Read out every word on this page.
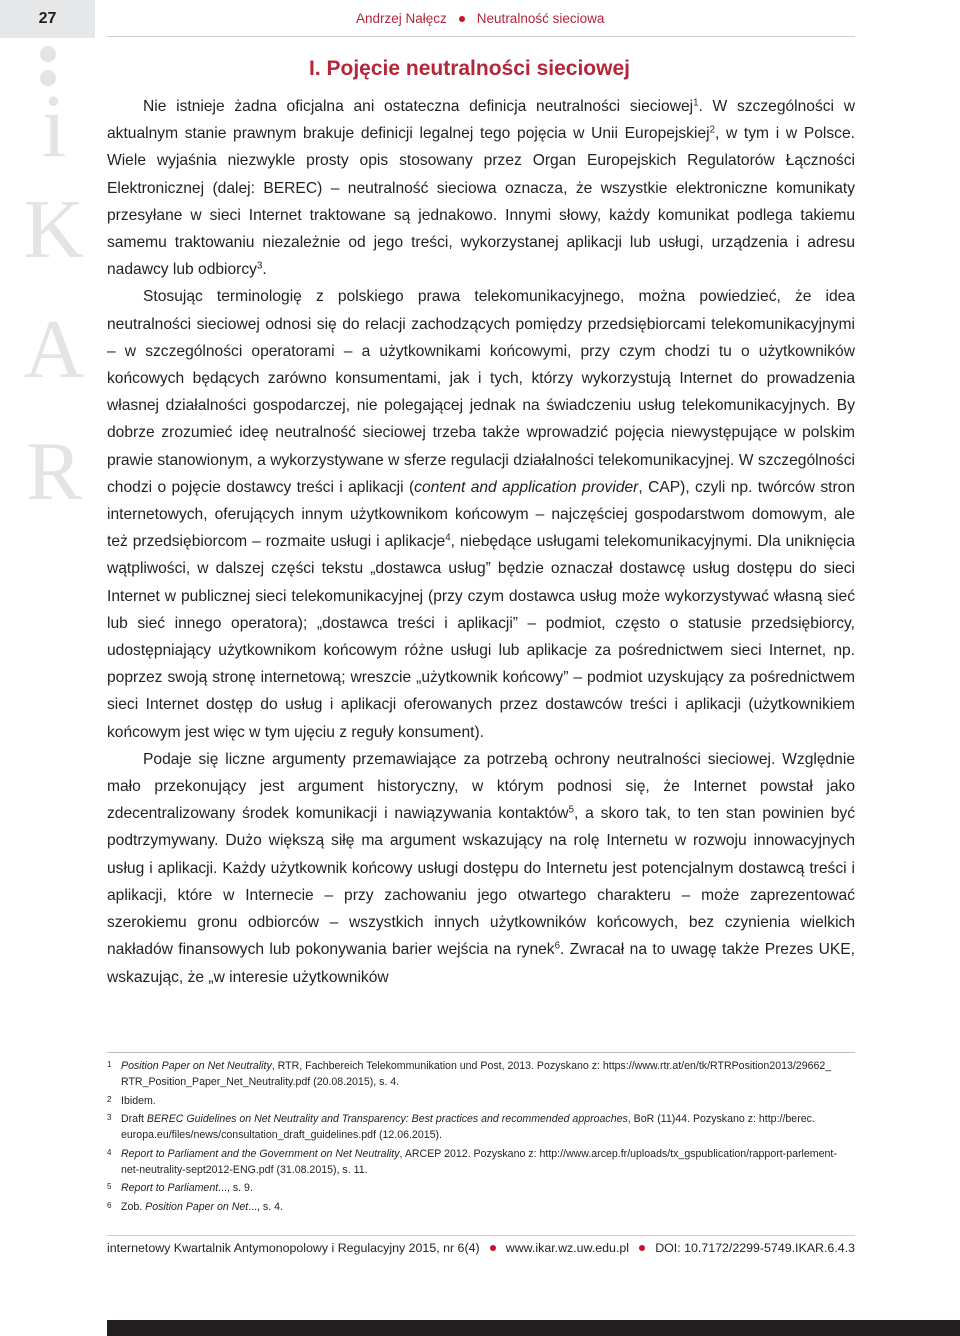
27	Andrzej Nałęcz Neutralność sieciowa
i
K
A
R
I. Pojęcie neutralności sieciowej

Nie istnieje żadna oficjalna ani ostateczna definicja neutralności sieciowej$^1$. W szczególności w aktualnym stanie prawnym brakuje definicji legalnej tego pojęcia w Unii Europejskiej$^2$, w tym i w Polsce. Wiele wyjaśnia niezwykle prosty opis stosowany przez Organ Europejskich Regulatorów Łączności Elektronicznej (dalej: BEREC) – neutralność sieciowa oznacza, że wszystkie elektroniczne komunikaty przesyłane w sieci Internet traktowane są jednakowo. Innymi słowy, każdy komunikat podlega takiemu samemu traktowaniu niezależnie od jego treści, wykorzystanej aplikacji lub usługi, urządzenia i adresu nadawcy lub odbiorcy$^3$.

Stosując terminologię z polskiego prawa telekomunikacyjnego, można powiedzieć, że idea neutralności sieciowej odnosi się do relacji zachodzących pomiędzy przedsiębiorcami telekomunikacyjnymi – w szczególności operatorami – a użytkownikami końcowymi, przy czym chodzi tu o użytkowników końcowych będących zarówno konsumentami, jak i tych, którzy wykorzystują Internet do prowadzenia własnej działalności gospodarczej, nie polegającej jednak na świadczeniu usług telekomunikacyjnych. By dobrze zrozumieć ideę neutralność sieciowej trzeba także wprowadzić pojęcia niewystępujące w polskim prawie stanowionym, a wykorzystywane w sferze regulacji działalności telekomunikacyjnej. W szczególności chodzi o pojęcie dostawcy treści i aplikacji (content and application provider, CAP), czyli np. twórców stron internetowych, oferujących innym użytkownikom końcowym – najczęściej gospodarstwom domowym, ale też przedsiębiorcom – rozmaite usługi i aplikacje$^4$, niebędące usługami telekomunikacyjnymi. Dla uniknięcia wątpliwości, w dalszej części tekstu „dostawca usług” będzie oznaczał dostawcę usług dostępu do sieci Internet w publicznej sieci telekomunikacyjnej (przy czym dostawca usług może wykorzystywać własną sieć lub sieć innego operatora); „dostawca treści i aplikacji” – podmiot, często o statusie przedsiębiorcy, udostępniający użytkownikom końcowym różne usługi lub aplikacje za pośrednictwem sieci Internet, np. poprzez swoją stronę internetową; wreszcie „użytkownik końcowy” – podmiot uzyskujący za pośrednictwem sieci Internet dostęp do usług i aplikacji oferowanych przez dostawców treści i aplikacji (użytkownikiem końcowym jest więc w tym ujęciu z reguły konsument).

Podaje się liczne argumenty przemawiające za potrzebą ochrony neutralności sieciowej. Względnie mało przekonujący jest argument historyczny, w którym podnosi się, że Internet powstał jako zdecentralizowany środek komunikacji i nawiązywania kontaktów$^5$, a skoro tak, to ten stan powinien być podtrzymywany. Dużo większą siłę ma argument wskazujący na rolę Internetu w rozwoju innowacyjnych usług i aplikacji. Każdy użytkownik końcowy usługi dostępu do Internetu jest potencjalnym dostawcą treści i aplikacji, które w Internecie – przy zachowaniu jego otwartego charakteru – może zaprezentować szerokiemu gronu odbiorców – wszystkich innych użytkowników końcowych, bez czynienia wielkich nakładów finansowych lub pokonywania barier wejścia na rynek$^6$. Zwracał na to uwagę także Prezes UKE, wskazując, że „w interesie użytkowników

1 Position Paper on Net Neutrality, RTR, Fachbereich Telekommunikation und Post, 2013. Pozyskano z: https://www.rtr.at/en/tk/RTRPosition2013/29662_ RTR_Position_Paper_Net_Neutrality.pdf (20.08.2015), s. 4.
2 Ibidem.
3 Draft BEREC Guidelines on Net Neutrality and Transparency: Best practices and recommended approaches, BoR (11)44. Pozyskano z: http://berec. europa.eu/files/news/consultation_draft_guidelines.pdf (12.06.2015).
4 Report to Parliament and the Government on Net Neutrality, ARCEP 2012. Pozyskano z: http://www.arcep.fr/uploads/tx_gspublication/rapport-parlement-net-neutrality-sept2012-ENG.pdf (31.08.2015), s. 11.
5 Report to Parliament..., s. 9.
6 Zob. Position Paper on Net..., s. 4.
internetowy Kwartalnik Antymonopolowy i Regulacyjny 2015, nr 6(4) www.ikar.wz.uw.edu.pl DOI: 10.7172/2299-5749.IKAR.6.4.3
